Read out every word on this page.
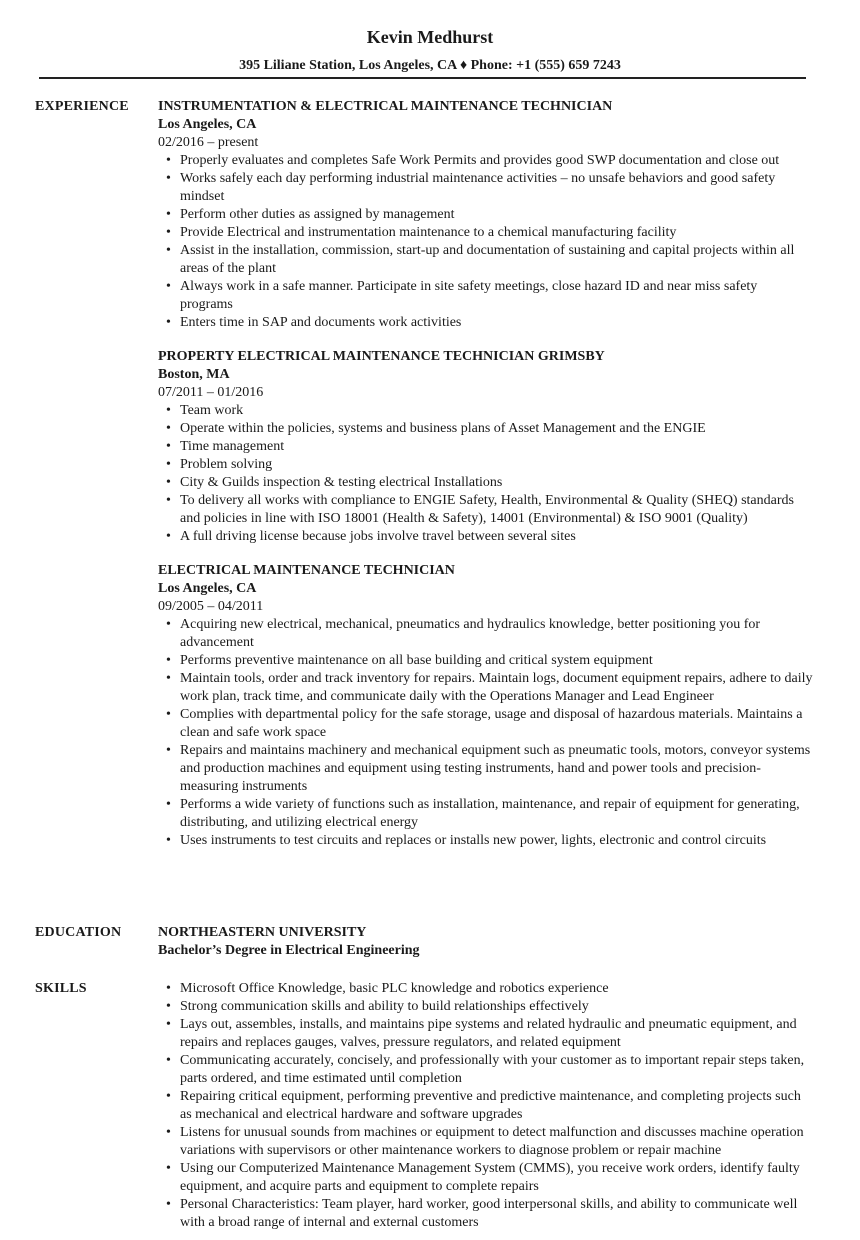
Kevin Medhurst
395 Liliane Station, Los Angeles, CA ♦ Phone: +1 (555) 659 7243
EXPERIENCE INSTRUMENTATION & ELECTRICAL MAINTENANCE TECHNICIAN
Los Angeles, CA
02/2016 – present
• Properly evaluates and completes Safe Work Permits and provides good SWP documentation and close out
• Works safely each day performing industrial maintenance activities – no unsafe behaviors and good safety mindset
• Perform other duties as assigned by management
• Provide Electrical and instrumentation maintenance to a chemical manufacturing facility
• Assist in the installation, commission, start-up and documentation of sustaining and capital projects within all areas of the plant
• Always work in a safe manner. Participate in site safety meetings, close hazard ID and near miss safety programs
• Enters time in SAP and documents work activities
PROPERTY ELECTRICAL MAINTENANCE TECHNICIAN GRIMSBY
Boston, MA
07/2011 – 01/2016
• Team work
• Operate within the policies, systems and business plans of Asset Management and the ENGIE
• Time management
• Problem solving
• City & Guilds inspection & testing electrical Installations
• To delivery all works with compliance to ENGIE Safety, Health, Environmental & Quality (SHEQ) standards and policies in line with ISO 18001 (Health & Safety), 14001 (Environmental) & ISO 9001 (Quality)
• A full driving license because jobs involve travel between several sites
ELECTRICAL MAINTENANCE TECHNICIAN
Los Angeles, CA
09/2005 – 04/2011
• Acquiring new electrical, mechanical, pneumatics and hydraulics knowledge, better positioning you for advancement
• Performs preventive maintenance on all base building and critical system equipment
• Maintain tools, order and track inventory for repairs. Maintain logs, document equipment repairs, adhere to daily work plan, track time, and communicate daily with the Operations Manager and Lead Engineer
• Complies with departmental policy for the safe storage, usage and disposal of hazardous materials. Maintains a clean and safe work space
• Repairs and maintains machinery and mechanical equipment such as pneumatic tools, motors, conveyor systems and production machines and equipment using testing instruments, hand and power tools and precision-measuring instruments
• Performs a wide variety of functions such as installation, maintenance, and repair of equipment for generating, distributing, and utilizing electrical energy
• Uses instruments to test circuits and replaces or installs new power, lights, electronic and control circuits
EDUCATION	NORTHEASTERN UNIVERSITY
Bachelor’s Degree in Electrical Engineering
SKILLS
•	Microsoft Office Knowledge, basic PLC knowledge and robotics experience
• Strong communication skills and ability to build relationships effectively
• Lays out, assembles, installs, and maintains pipe systems and related hydraulic and pneumatic equipment, and repairs and replaces gauges, valves, pressure regulators, and related equipment
• Communicating accurately, concisely, and professionally with your customer as to important repair steps taken, parts ordered, and time estimated until completion
• Repairing critical equipment, performing preventive and predictive maintenance, and completing projects such as mechanical and electrical hardware and software upgrades
• Listens for unusual sounds from machines or equipment to detect malfunction and discusses machine operation variations with supervisors or other maintenance workers to diagnose problem or repair machine
• Using our Computerized Maintenance Management System (CMMS), you receive work orders, identify faulty equipment, and acquire parts and equipment to complete repairs
• Personal Characteristics: Team player, hard worker, good interpersonal skills, and ability to communicate well with a broad range of internal and external customers
